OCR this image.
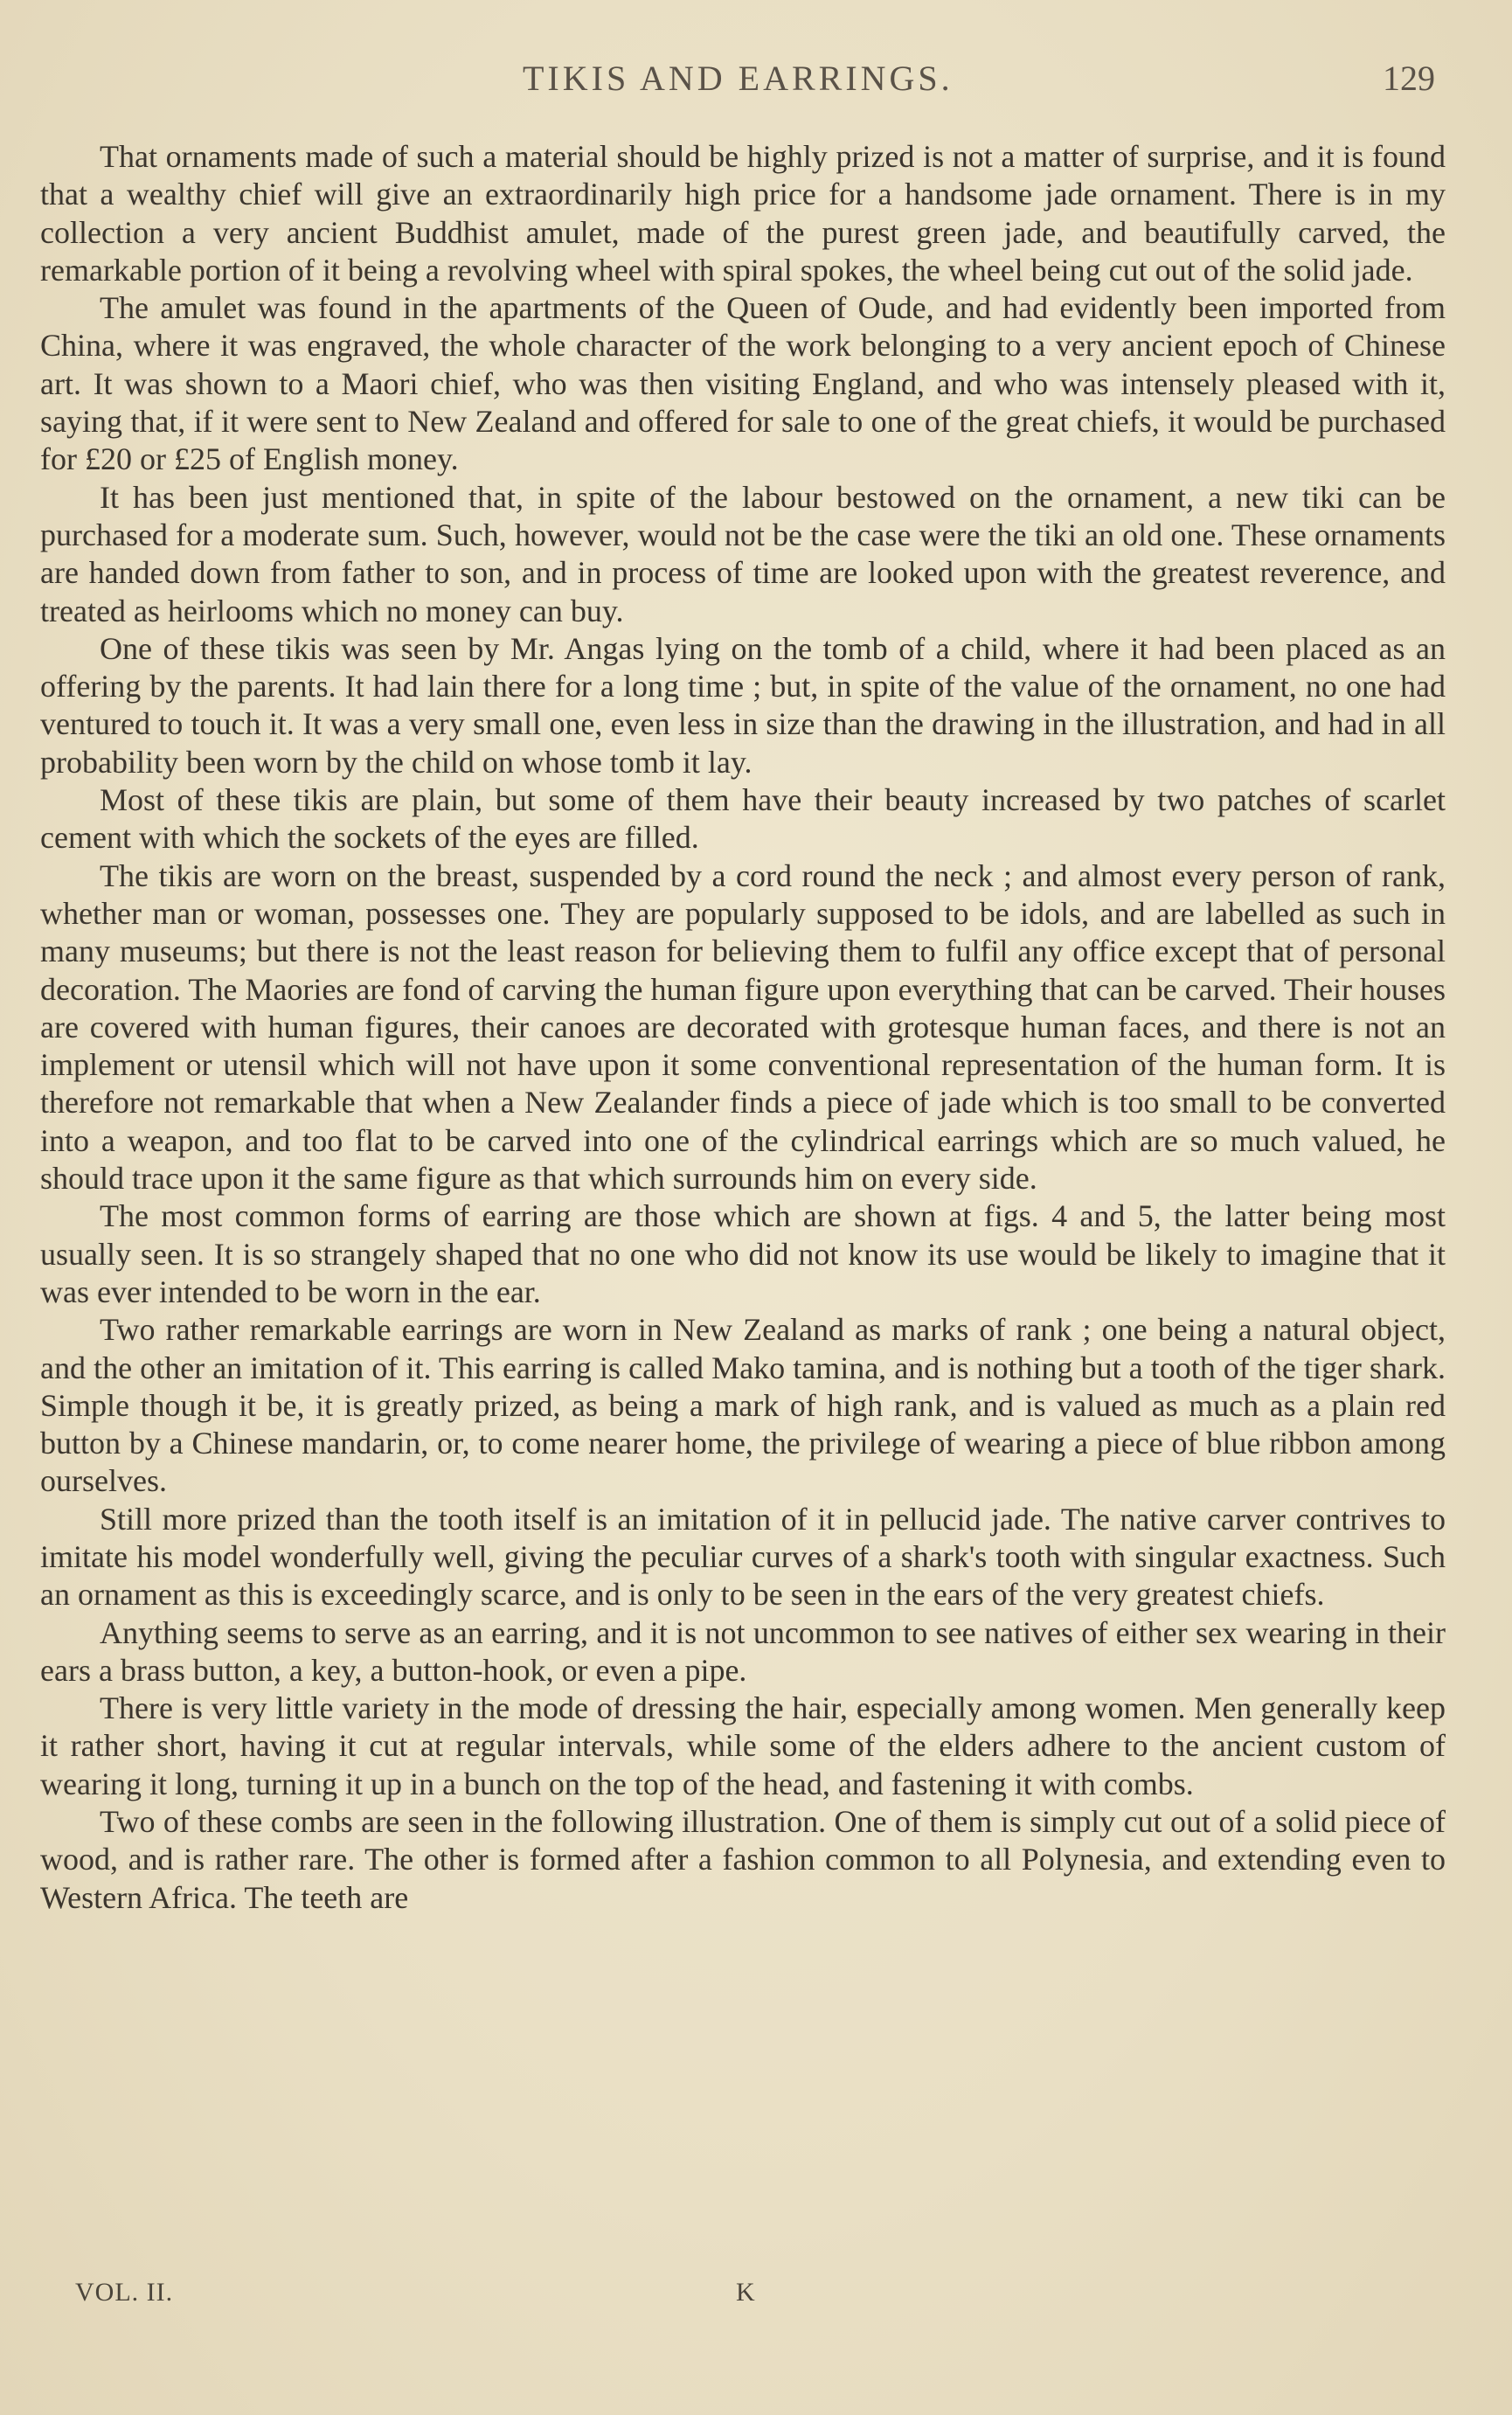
TIKIS AND EARRINGS.	129

That ornaments made of such a material should be highly prized is not a matter of surprise, and it is found that a wealthy chief will give an extraordinarily high price for a handsome jade ornament. There is in my collection a very ancient Buddhist amulet, made of the purest green jade, and beautifully carved, the remarkable portion of it being a revolving wheel with spiral spokes, the wheel being cut out of the solid jade.

The amulet was found in the apartments of the Queen of Oude, and had evidently been imported from China, where it was engraved, the whole character of the work belonging to a very ancient epoch of Chinese art. It was shown to a Maori chief, who was then visiting England, and who was intensely pleased with it, saying that, if it were sent to New Zealand and offered for sale to one of the great chiefs, it would be purchased for £20 or £25 of English money.

It has been just mentioned that, in spite of the labour bestowed on the ornament, a new tiki can be purchased for a moderate sum. Such, however, would not be the case were the tiki an old one. These ornaments are handed down from father to son, and in process of time are looked upon with the greatest reverence, and treated as heirlooms which no money can buy.

One of these tikis was seen by Mr. Angas lying on the tomb of a child, where it had been placed as an offering by the parents. It had lain there for a long time ; but, in spite of the value of the ornament, no one had ventured to touch it. It was a very small one, even less in size than the drawing in the illustration, and had in all probability been worn by the child on whose tomb it lay.

Most of these tikis are plain, but some of them have their beauty increased by two patches of scarlet cement with which the sockets of the eyes are filled.

The tikis are worn on the breast, suspended by a cord round the neck ; and almost every person of rank, whether man or woman, possesses one. They are popularly supposed to be idols, and are labelled as such in many museums; but there is not the least reason for believing them to fulfil any office except that of personal decoration. The Maories are fond of carving the human figure upon everything that can be carved. Their houses are covered with human figures, their canoes are decorated with grotesque human faces, and there is not an implement or utensil which will not have upon it some conventional representation of the human form. It is therefore not remarkable that when a New Zealander finds a piece of jade which is too small to be converted into a weapon, and too flat to be carved into one of the cylindrical earrings which are so much valued, he should trace upon it the same figure as that which surrounds him on every side.

The most common forms of earring are those which are shown at figs. 4 and 5, the latter being most usually seen. It is so strangely shaped that no one who did not know its use would be likely to imagine that it was ever intended to be worn in the ear.

Two rather remarkable earrings are worn in New Zealand as marks of rank ; one being a natural object, and the other an imitation of it. This earring is called Mako tamina, and is nothing but a tooth of the tiger shark. Simple though it be, it is greatly prized, as being a mark of high rank, and is valued as much as a plain red button by a Chinese mandarin, or, to come nearer home, the privilege of wearing a piece of blue ribbon among ourselves.

Still more prized than the tooth itself is an imitation of it in pellucid jade. The native carver contrives to imitate his model wonderfully well, giving the peculiar curves of a shark's tooth with singular exactness. Such an ornament as this is exceedingly scarce, and is only to be seen in the ears of the very greatest chiefs.

Anything seems to serve as an earring, and it is not uncommon to see natives of either sex wearing in their ears a brass button, a key, a button-hook, or even a pipe.

There is very little variety in the mode of dressing the hair, especially among women. Men generally keep it rather short, having it cut at regular intervals, while some of the elders adhere to the ancient custom of wearing it long, turning it up in a bunch on the top of the head, and fastening it with combs.

Two of these combs are seen in the following illustration. One of them is simply cut out of a solid piece of wood, and is rather rare. The other is formed after a fashion common to all Polynesia, and extending even to Western Africa. The teeth are

VOL. II.	K
